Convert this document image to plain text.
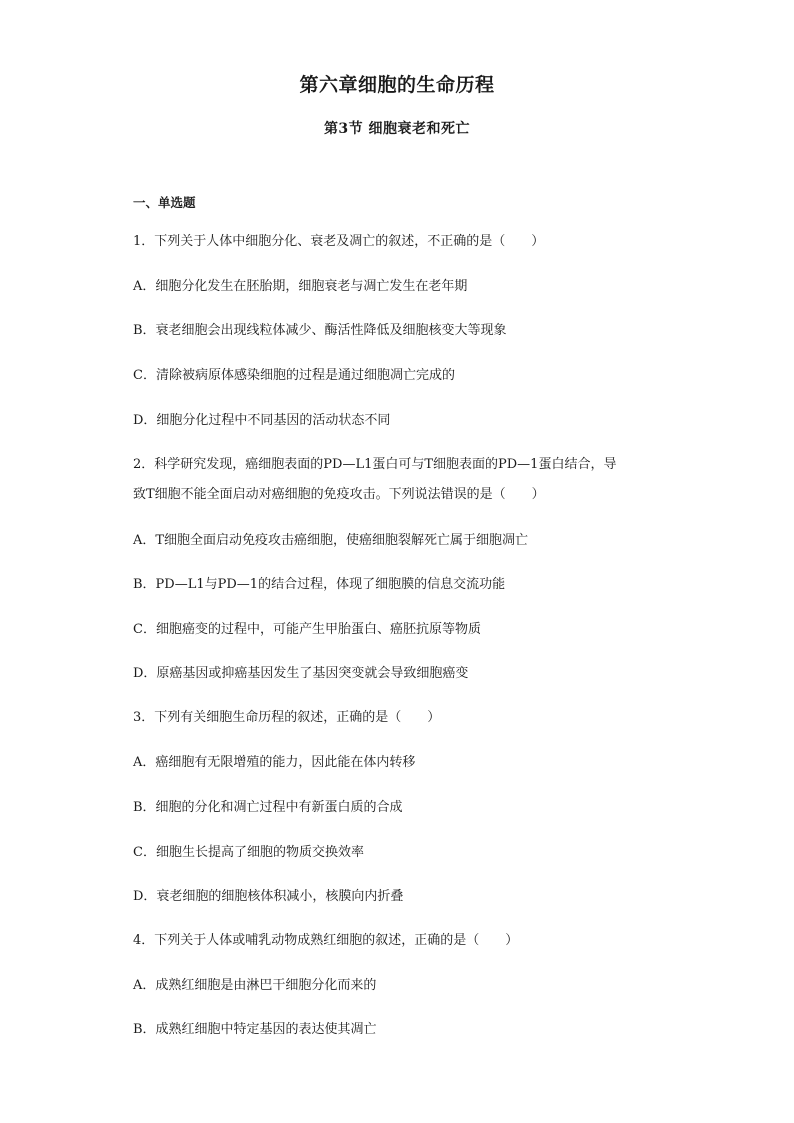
第六章细胞的生命历程
第3节 细胞衰老和死亡
一、单选题
1．下列关于人体中细胞分化、衰老及凋亡的叙述，不正确的是（　　）
A．细胞分化发生在胚胎期，细胞衰老与凋亡发生在老年期
B．衰老细胞会出现线粒体减少、酶活性降低及细胞核变大等现象
C．清除被病原体感染细胞的过程是通过细胞凋亡完成的
D．细胞分化过程中不同基因的活动状态不同
2．科学研究发现，癌细胞表面的PD—L1蛋白可与T细胞表面的PD—1蛋白结合，导
致T细胞不能全面启动对癌细胞的免疫攻击。下列说法错误的是（　　）
A．T细胞全面启动免疫攻击癌细胞，使癌细胞裂解死亡属于细胞凋亡
B．PD—L1与PD—1的结合过程，体现了细胞膜的信息交流功能
C．细胞癌变的过程中，可能产生甲胎蛋白、癌胚抗原等物质
D．原癌基因或抑癌基因发生了基因突变就会导致细胞癌变
3．下列有关细胞生命历程的叙述，正确的是（　　）
A．癌细胞有无限增殖的能力，因此能在体内转移
B．细胞的分化和凋亡过程中有新蛋白质的合成
C．细胞生长提高了细胞的物质交换效率
D．衰老细胞的细胞核体积减小，核膜向内折叠
4．下列关于人体或哺乳动物成熟红细胞的叙述，正确的是（　　）
A．成熟红细胞是由淋巴干细胞分化而来的
B．成熟红细胞中特定基因的表达使其凋亡
